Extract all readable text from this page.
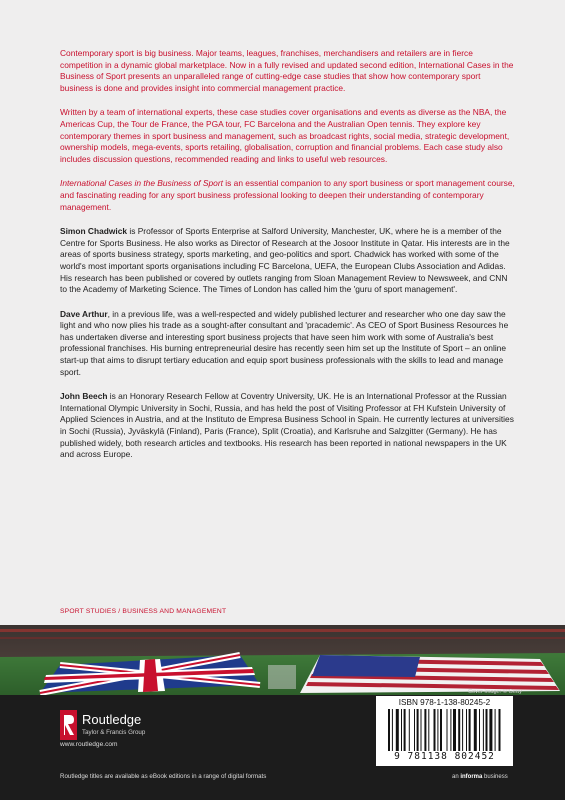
Contemporary sport is big business. Major teams, leagues, franchises, merchandisers and retailers are in fierce competition in a dynamic global marketplace. Now in a fully revised and updated second edition, International Cases in the Business of Sport presents an unparalleled range of cutting-edge case studies that show how contemporary sport business is done and provides insight into commercial management practice.

Written by a team of international experts, these case studies cover organisations and events as diverse as the NBA, the Americas Cup, the Tour de France, the PGA tour, FC Barcelona and the Australian Open tennis. They explore key contemporary themes in sport business and management, such as broadcast rights, social media, strategic development, ownership models, mega-events, sports retailing, globalisation, corruption and financial problems. Each case study also includes discussion questions, recommended reading and links to useful web resources.

International Cases in the Business of Sport is an essential companion to any sport business or sport management course, and fascinating reading for any sport business professional looking to deepen their understanding of contemporary management.

Simon Chadwick is Professor of Sports Enterprise at Salford University, Manchester, UK, where he is a member of the Centre for Sports Business. He also works as Director of Research at the Josoor Institute in Qatar. His interests are in the areas of sports business strategy, sports marketing, and geo-politics and sport. Chadwick has worked with some of the world's most important sports organisations including FC Barcelona, UEFA, the European Clubs Association and Adidas. His research has been published or covered by outlets ranging from Sloan Management Review to Newsweek, and CNN to the Academy of Marketing Science. The Times of London has called him the 'guru of sport management'.

Dave Arthur, in a previous life, was a well-respected and widely published lecturer and researcher who one day saw the light and who now plies his trade as a sought-after consultant and 'pracademic'. As CEO of Sport Business Resources he has undertaken diverse and interesting sport business projects that have seen him work with some of Australia's best professional franchises. His burning entrepreneurial desire has recently seen him set up the Institute of Sport – an online start-up that aims to disrupt tertiary education and equip sport business professionals with the skills to lead and manage sport.

John Beech is an Honorary Research Fellow at Coventry University, UK. He is an International Professor at the Russian International Olympic University in Sochi, Russia, and has held the post of Visiting Professor at FH Kufstein University of Applied Sciences in Austria, and at the Instituto de Empresa Business School in Spain. He currently lectures at universities in Sochi (Russia), Jyväskylä (Finland), Paris (France), Split (Croatia), and Karlsruhe and Salzgitter (Germany). He has published widely, both research articles and textbooks. His research has been reported in national newspapers in the UK and across Europe.

SPORT STUDIES / BUSINESS AND MANAGEMENT
Cover image: © Getty
Routledge
Taylor & Francis Group
www.routledge.com
Routledge titles are available as eBook editions in a range of digital formats
ISBN 978-1-138-80245-2
9 781138 802452
an informa business
